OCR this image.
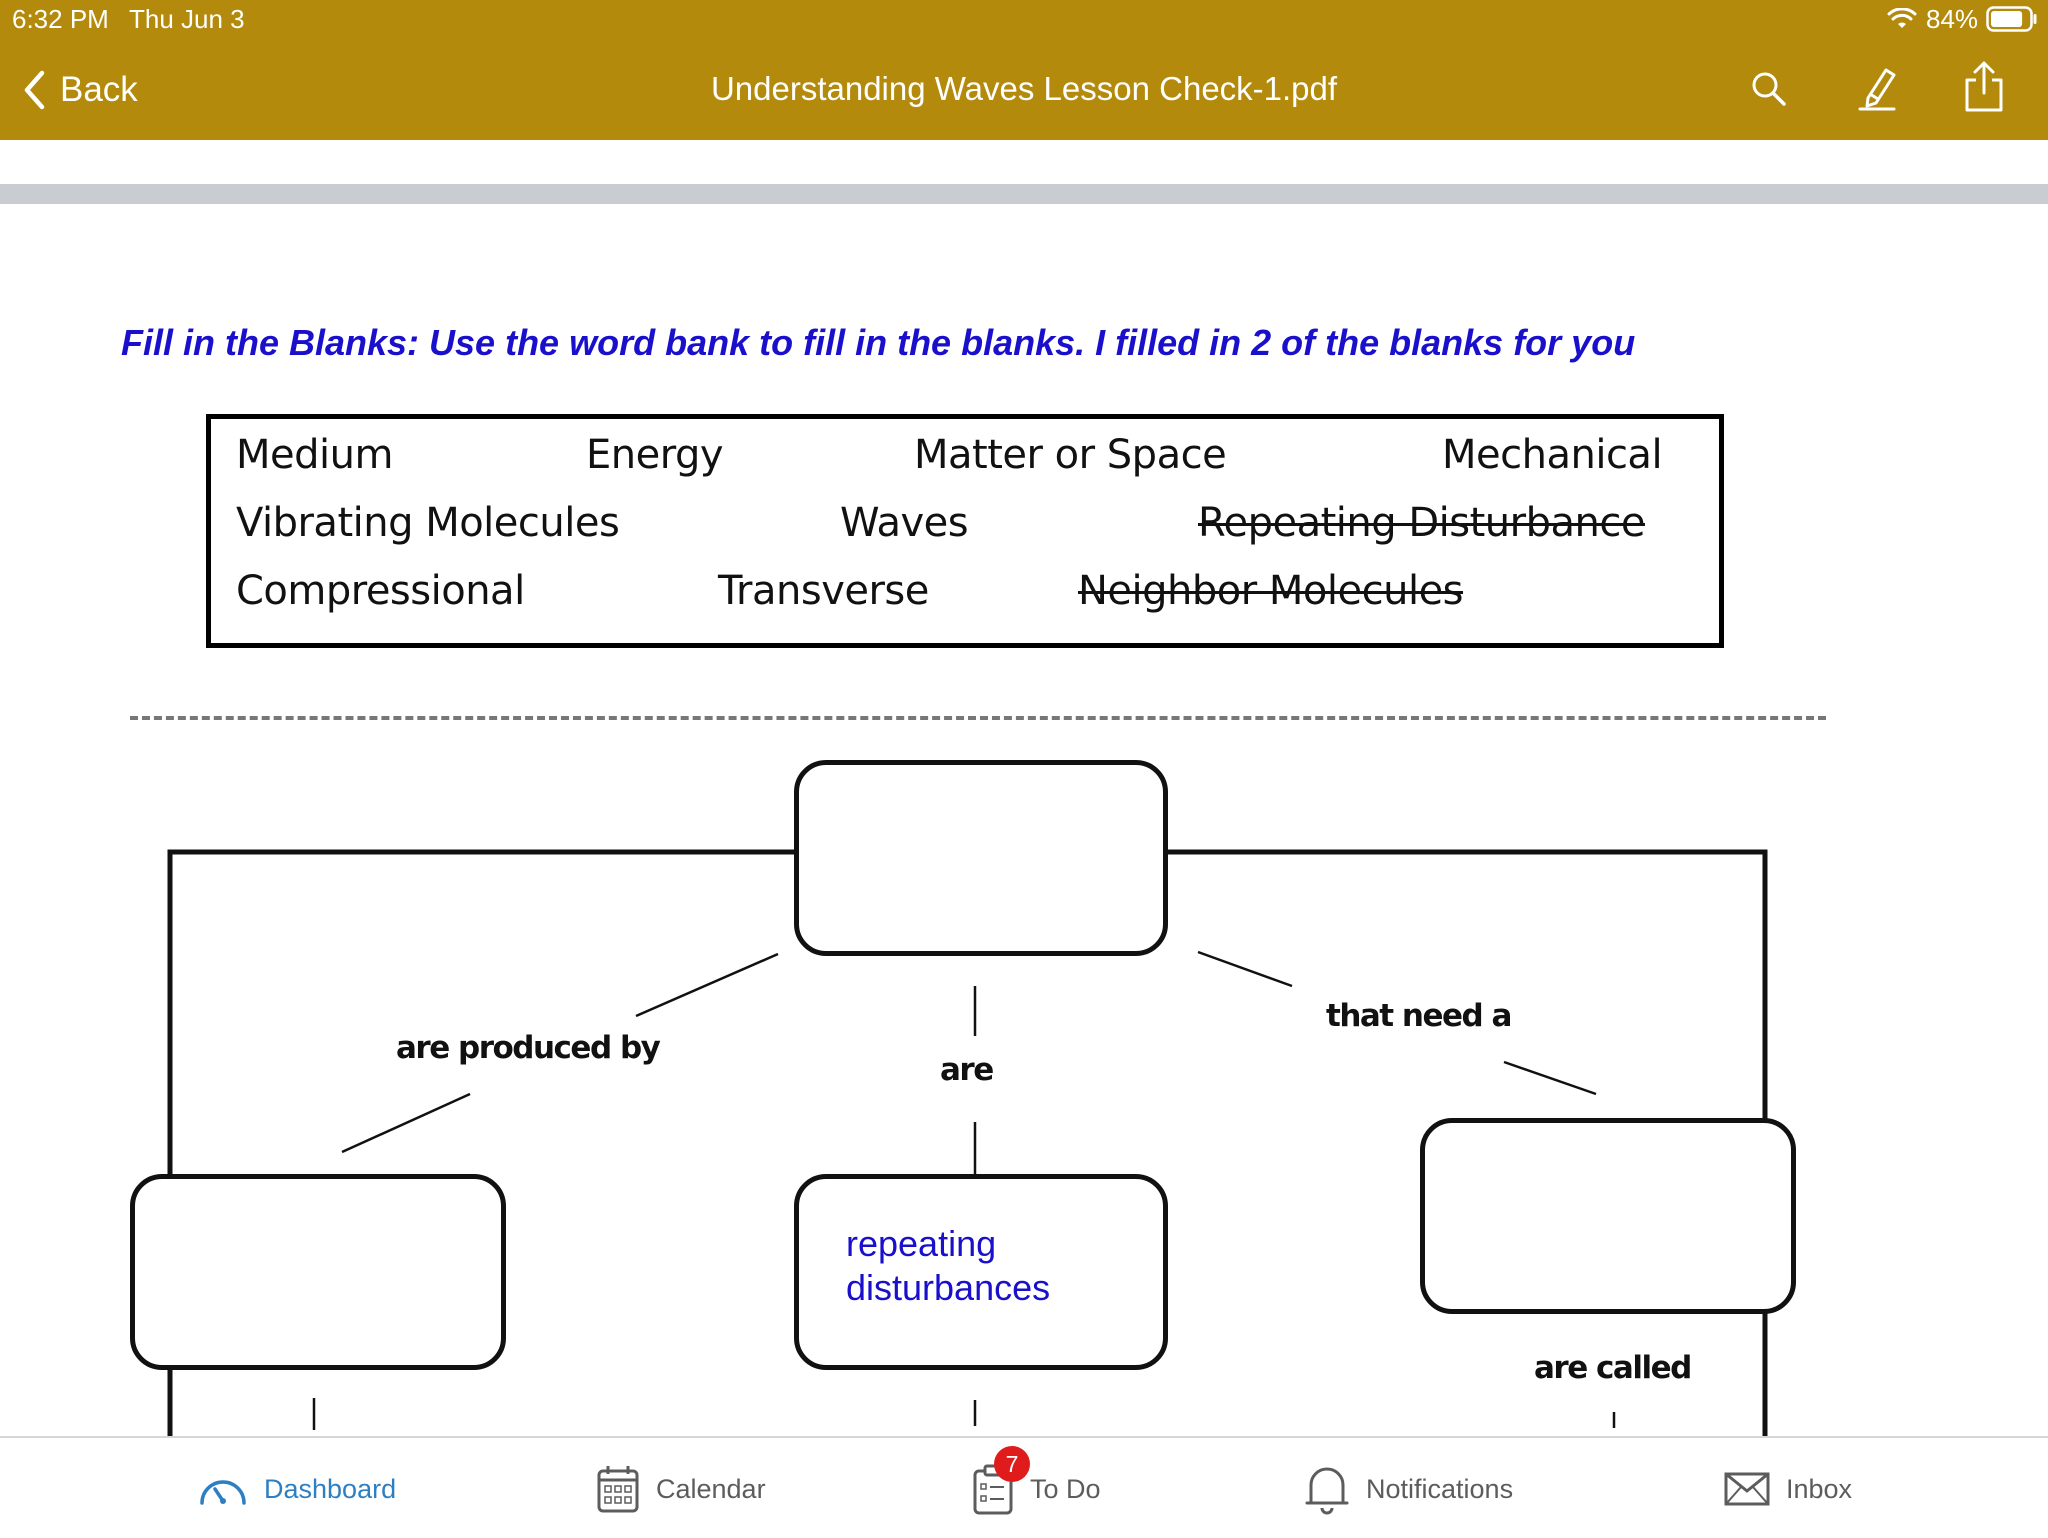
6:32 PM Thu Jun 3	84%
Back	Understanding Waves Lesson Check-1.pdf
Fill in the Blanks: Use the word bank to fill in the blanks. I filled in 2 of the blanks for you
Medium	Energy	Matter or Space	Mechanical
Vibrating Molecules	Waves	Repeating Disturbance
Compressional	Transverse	Neighbor Molecules
repeating disturbances
are produced by
are
that need a
are called
Dashboard	Calendar	To Do
7
Notifications	Inbox
